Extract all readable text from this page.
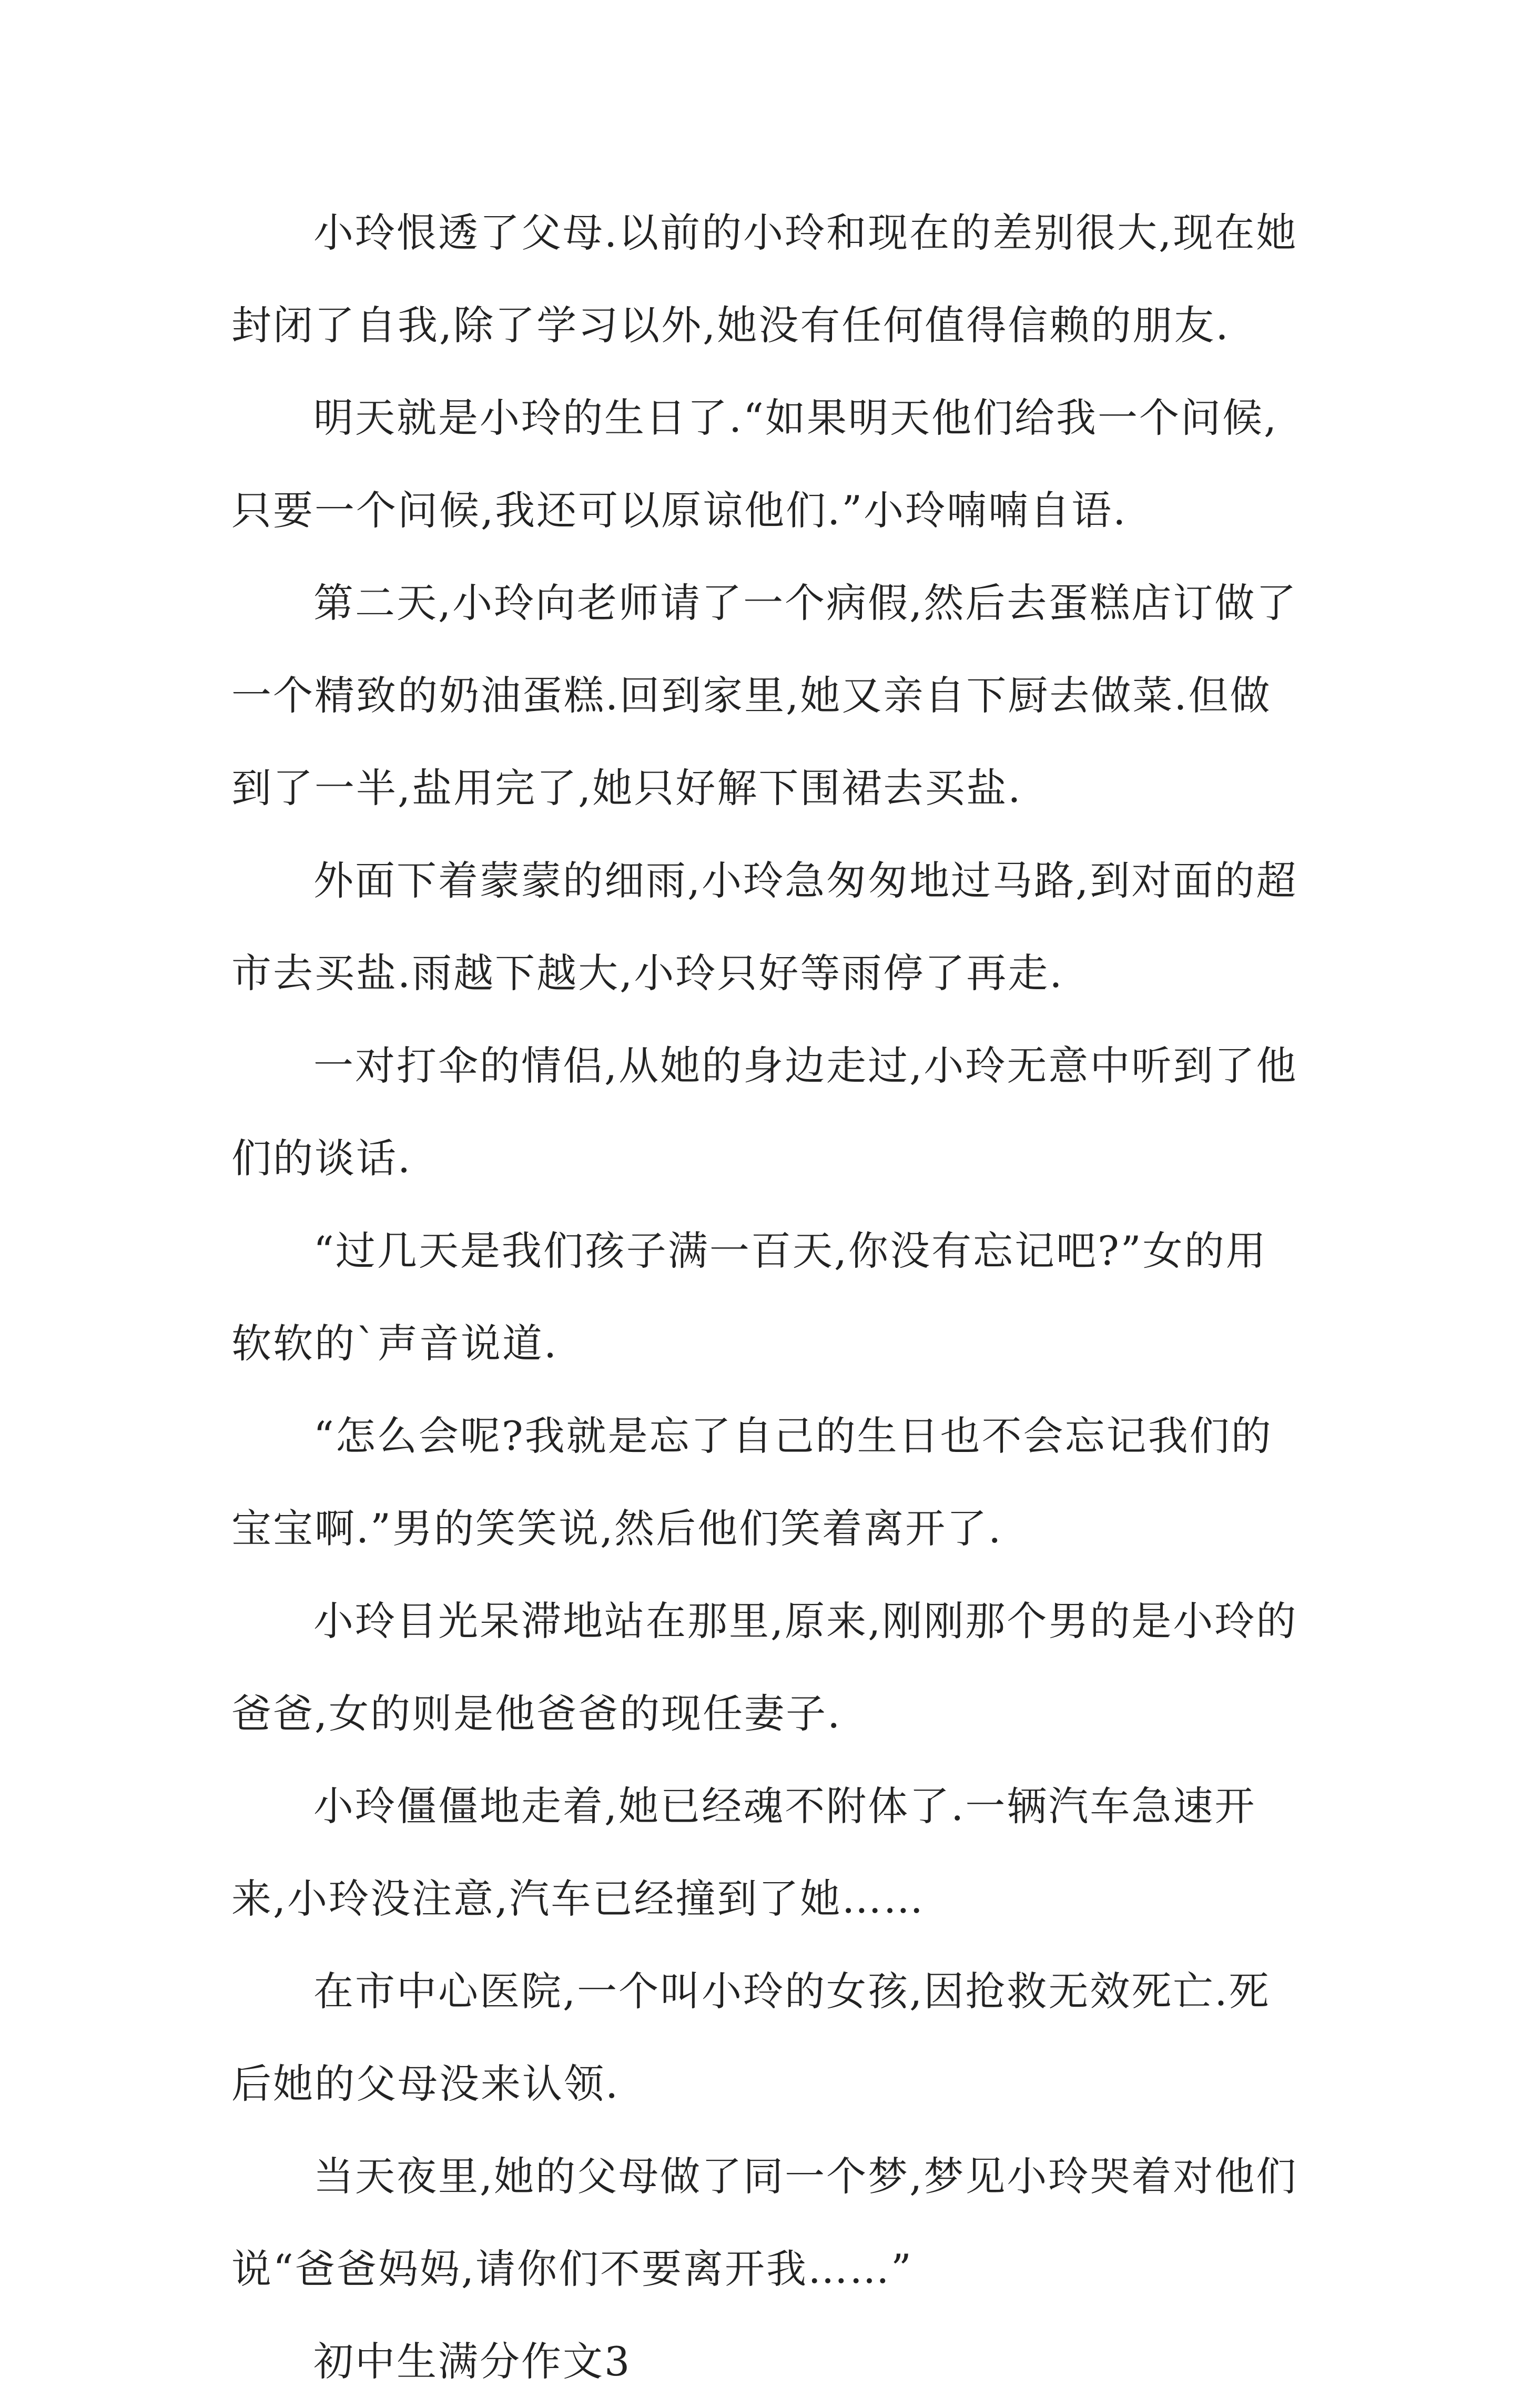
小玲恨透了父母.以前的小玲和现在的差别很大,现在她封闭了自我,除了学习以外,她没有任何值得信赖的朋友.

明天就是小玲的生日了.“如果明天他们给我一个问候,只要一个问候,我还可以原谅他们.”小玲喃喃自语.

第二天,小玲向老师请了一个病假,然后去蛋糕店订做了一个精致的奶油蛋糕.回到家里,她又亲自下厨去做菜.但做到了一半,盐用完了,她只好解下围裙去买盐.

外面下着蒙蒙的细雨,小玲急匆匆地过马路,到对面的超市去买盐.雨越下越大,小玲只好等雨停了再走.

一对打伞的情侣,从她的身边走过,小玲无意中听到了他们的谈话.

“过几天是我们孩子满一百天,你没有忘记吧?”女的用软软的`声音说道.

“怎么会呢?我就是忘了自己的生日也不会忘记我们的宝宝啊.”男的笑笑说,然后他们笑着离开了.

小玲目光呆滞地站在那里,原来,刚刚那个男的是小玲的爸爸,女的则是他爸爸的现任妻子.

小玲僵僵地走着,她已经魂不附体了.一辆汽车急速开来,小玲没注意,汽车已经撞到了她……

在市中心医院,一个叫小玲的女孩,因抢救无效死亡.死后她的父母没来认领.

当天夜里,她的父母做了同一个梦,梦见小玲哭着对他们说“爸爸妈妈,请你们不要离开我……”

初中生满分作文3
